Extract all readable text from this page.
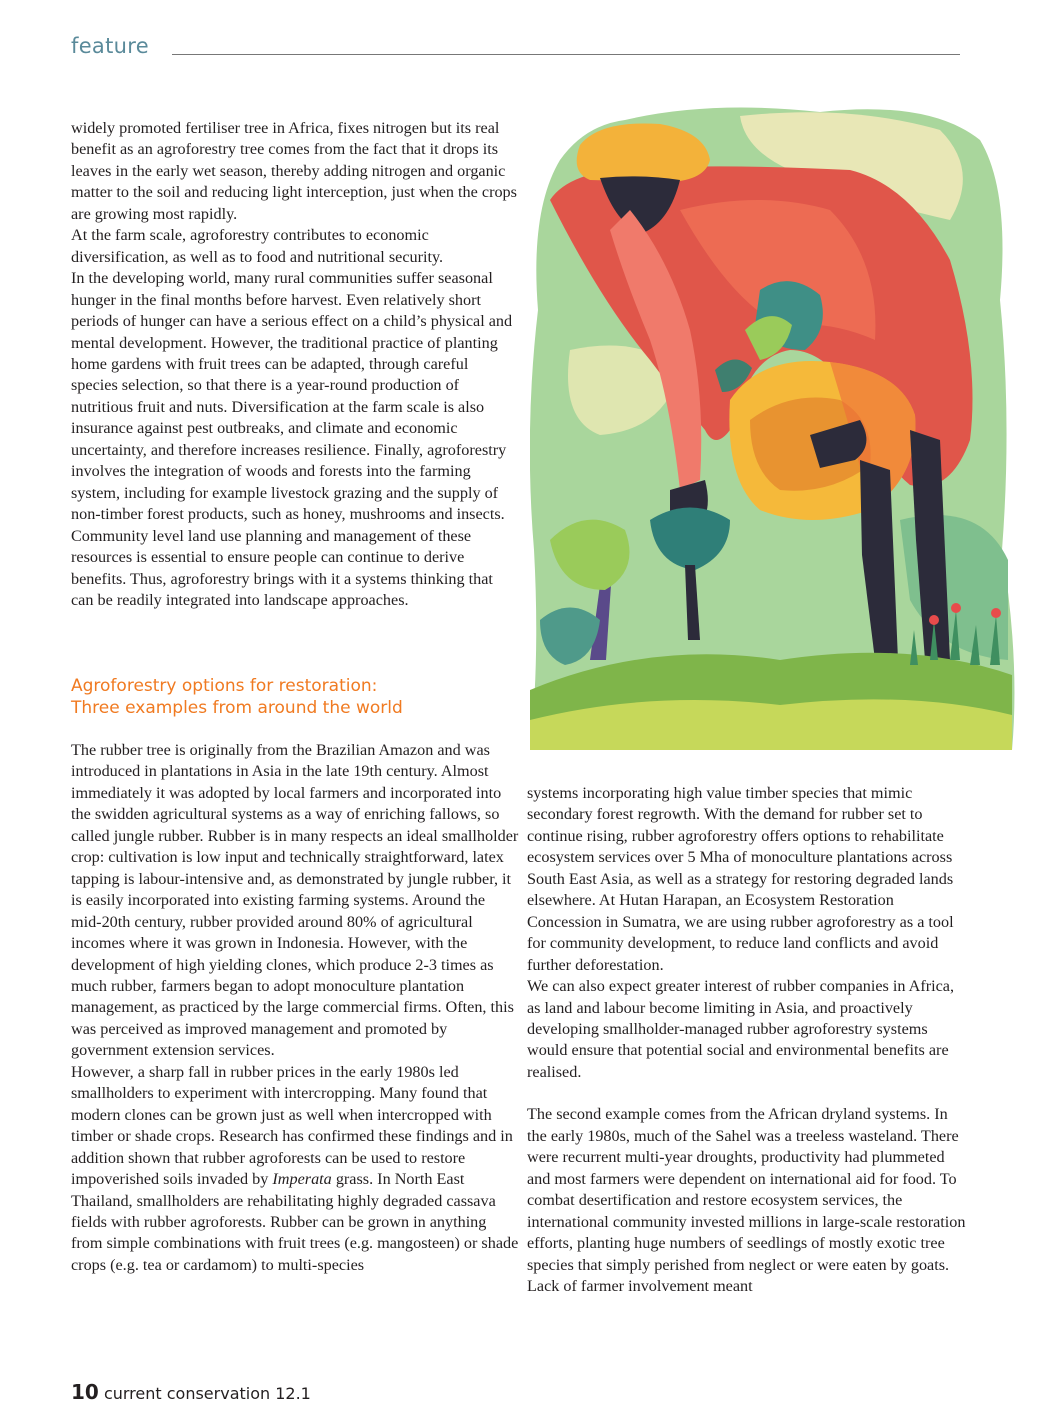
feature

widely promoted fertiliser tree in Africa, fixes nitrogen but its real benefit as an agroforestry tree comes from the fact that it drops its leaves in the early wet season, thereby adding nitrogen and organic matter to the soil and reducing light interception, just when the crops are growing most rapidly.

At the farm scale, agroforestry contributes to economic diversification, as well as to food and nutritional security.

In the developing world, many rural communities suffer seasonal hunger in the final months before harvest. Even relatively short periods of hunger can have a serious effect on a child’s physical and mental development. However, the traditional practice of planting home gardens with fruit trees can be adapted, through careful species selection, so that there is a year-round production of nutritious fruit and nuts. Diversification at the farm scale is also insurance against pest outbreaks, and climate and economic uncertainty, and therefore increases resilience. Finally, agroforestry involves the integration of woods and forests into the farming system, including for example livestock grazing and the supply of non-timber forest products, such as honey, mushrooms and insects. Community level land use planning and management of these resources is essential to ensure people can continue to derive benefits. Thus, agroforestry brings with it a systems thinking that can be readily integrated into landscape approaches.

Agroforestry options for restoration:
Three examples from around the world

The rubber tree is originally from the Brazilian Amazon and was introduced in plantations in Asia in the late 19th century. Almost immediately it was adopted by local farmers and incorporated into the swidden agricultural systems as a way of enriching fallows, so called jungle rubber. Rubber is in many respects an ideal smallholder crop: cultivation is low input and technically straightforward, latex tapping is labour-intensive and, as demonstrated by jungle rubber, it is easily incorporated into existing farming systems. Around the mid-20th century, rubber provided around 80% of agricultural incomes where it was grown in Indonesia. However, with the development of high yielding clones, which produce 2-3 times as much rubber, farmers began to adopt monoculture plantation management, as practiced by the large commercial firms. Often, this was perceived as improved management and promoted by government extension services.

However, a sharp fall in rubber prices in the early 1980s led smallholders to experiment with intercropping. Many found that modern clones can be grown just as well when intercropped with timber or shade crops. Research has confirmed these findings and in addition shown that rubber agroforests can be used to restore impoverished soils invaded by Imperata grass. In North East Thailand, smallholders are rehabilitating highly degraded cassava fields with rubber agroforests. Rubber can be grown in anything from simple combinations with fruit trees (e.g. mangosteen) or shade crops (e.g. tea or cardamom) to multi-species

systems incorporating high value timber species that mimic secondary forest regrowth. With the demand for rubber set to continue rising, rubber agroforestry offers options to rehabilitate ecosystem services over 5 Mha of monoculture plantations across South East Asia, as well as a strategy for restoring degraded lands elsewhere. At Hutan Harapan, an Ecosystem Restoration Concession in Sumatra, we are using rubber agroforestry as a tool for community development, to reduce land conflicts and avoid further deforestation.

We can also expect greater interest of rubber companies in Africa, as land and labour become limiting in Asia, and proactively developing smallholder-managed rubber agroforestry systems would ensure that potential social and environmental benefits are realised.

The second example comes from the African dryland systems. In the early 1980s, much of the Sahel was a treeless wasteland. There were recurrent multi-year droughts, productivity had plummeted and most farmers were dependent on international aid for food. To combat desertification and restore ecosystem services, the international community invested millions in large-scale restoration efforts, planting huge numbers of seedlings of mostly exotic tree species that simply perished from neglect or were eaten by goats. Lack of farmer involvement meant

10 current conservation 12.1
